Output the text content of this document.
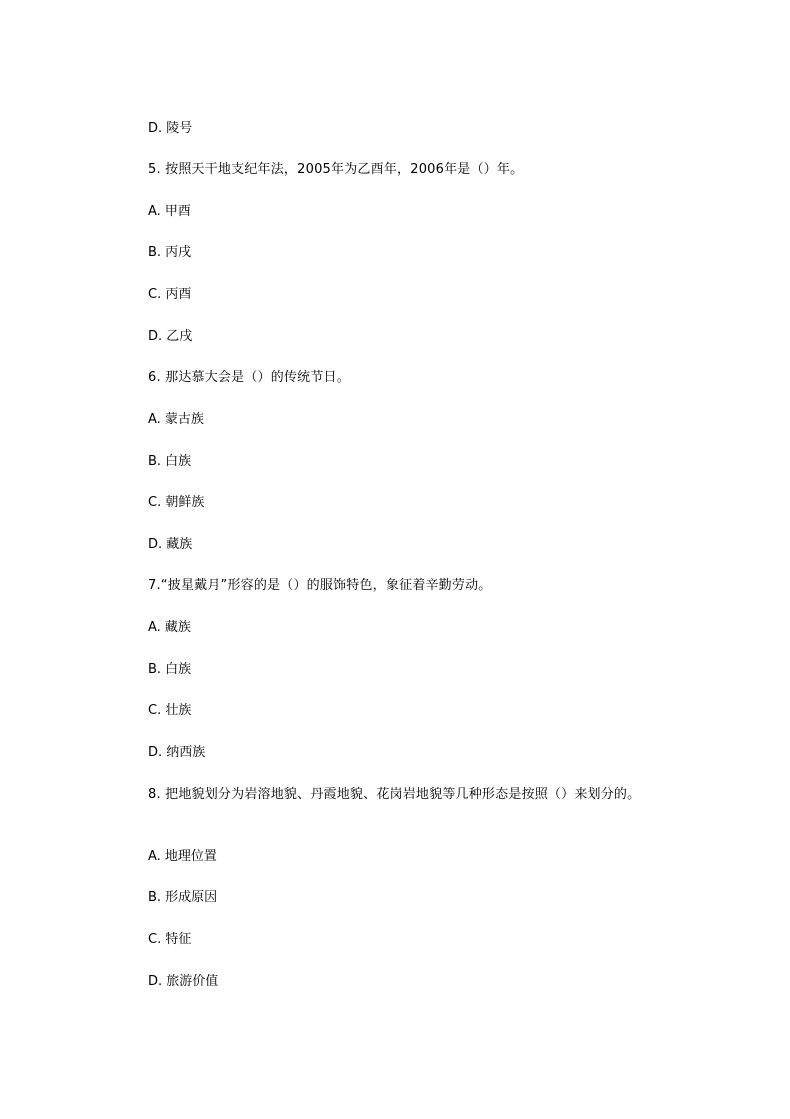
D. 陵号
5. 按照天干地支纪年法，2005年为乙酉年，2006年是（）年。
A. 甲酉
B. 丙戌
C. 丙酉
D. 乙戌
6. 那达慕大会是（）的传统节日。
A. 蒙古族
B. 白族
C. 朝鲜族
D. 藏族
7.“披星戴月”形容的是（）的服饰特色，象征着辛勤劳动。
A. 藏族
B. 白族
C. 壮族
D. 纳西族
8. 把地貌划分为岩溶地貌、丹霞地貌、花岗岩地貌等几种形态是按照（）来划分的。
A. 地理位置
B. 形成原因
C. 特征
D. 旅游价值
